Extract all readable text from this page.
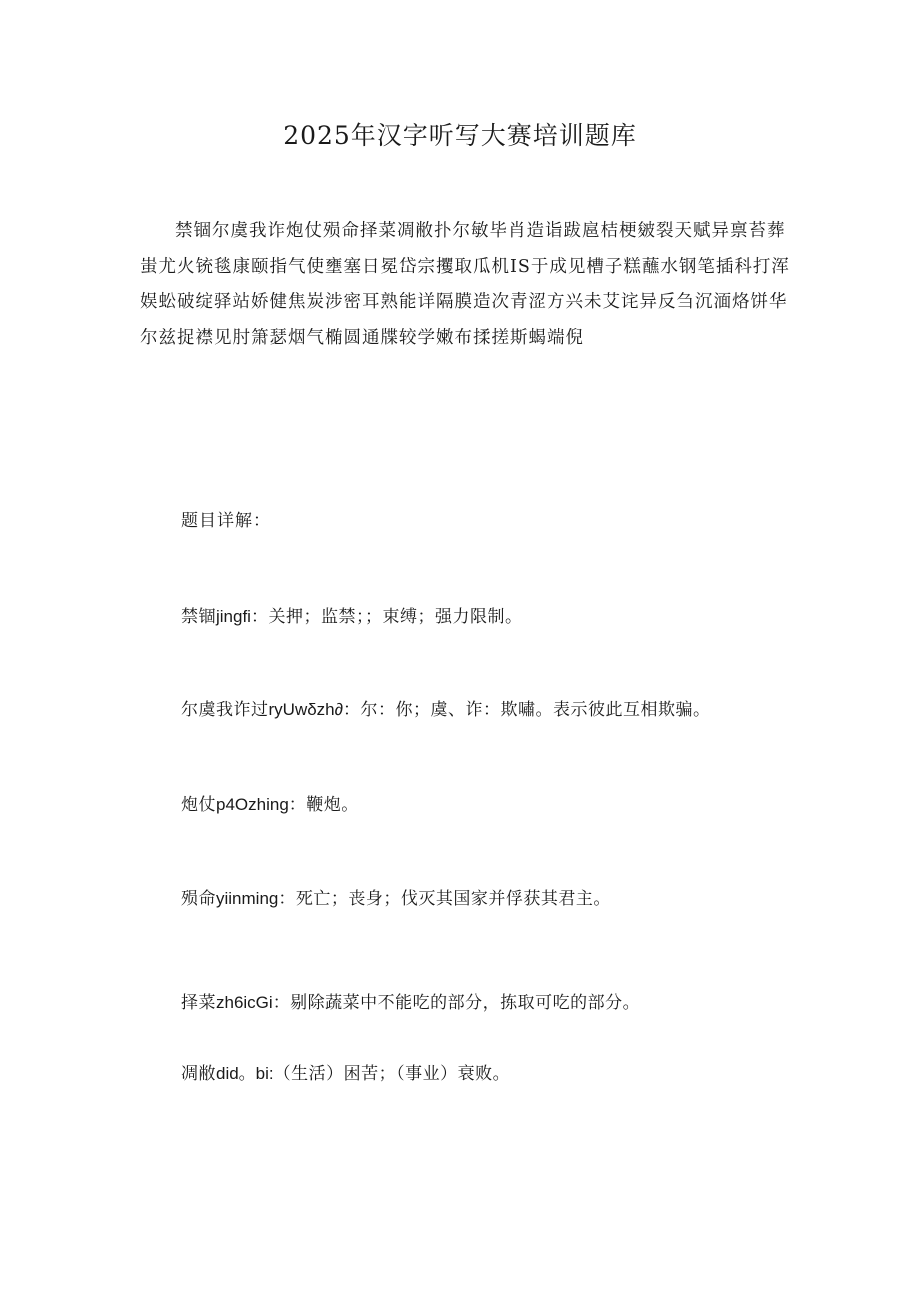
2025年汉字听写大赛培训题库

禁锢尔虞我诈炮仗殒命择菜凋敝扑尔敏毕肖造诣跋扈桔梗皴裂天赋异禀苔葬蚩尤火铳毯康颐指气使壅塞日冕岱宗攫取瓜机IS于成见槽子糕蘸水钢笔插科打浑娱蚣破绽驿站娇健焦炭涉密耳熟能详隔膜造次青涩方兴未艾诧异反刍沉湎烙饼华尔兹捉襟见肘箫瑟烟气椭圆通牒较学嫩布揉搓斯蝎端倪

题目详解：

禁锢jingfi：关押；监禁；；束缚；强力限制。

尔虞我诈过ryUwδzh∂：尔：你；虞、诈：欺嘯。表示彼此互相欺骗。

炮仗p4Ozhing：鞭炮。

殒命yiinming：死亡；丧身；伐灭其国家并俘获其君主。

择菜zh6icGi：剔除蔬菜中不能吃的部分，拣取可吃的部分。

凋敝did。bi:（生活）困苦；（事业）衰败。
